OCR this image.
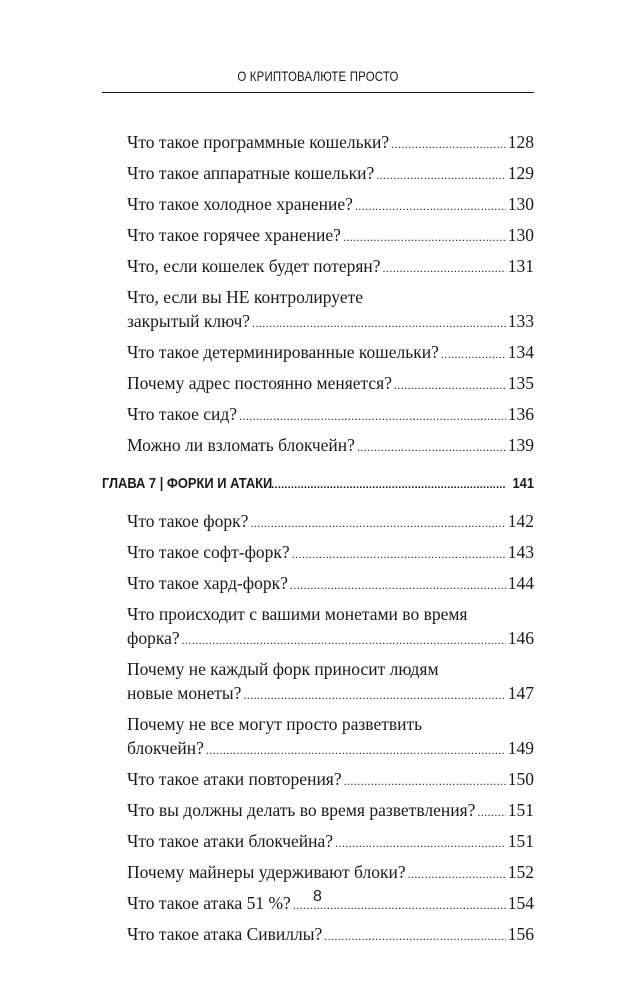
О КРИПТОВАЛЮТЕ ПРОСТО
Что такое программные кошельки? .....	128
Что такое аппаратные кошельки? .....	129
Что такое холодное хранение? .....	130
Что такое горячее хранение? .....	130
Что, если кошелек будет потерян? .....	131
Что, если вы НЕ контролируете
закрытый ключ? .....	133
Что такое детерминированные кошельки? .....	134
Почему адрес постоянно меняется? .....	135
Что такое сид? .....	136
Можно ли взломать блокчейн? .....	139
ГЛАВА 7 | ФОРКИ И АТАКИ .....	141
Что такое форк? .....	142
Что такое софт-форк? .....	143
Что такое хард-форк? .....	144
Что происходит с вашими монетами во время
форка? .....	146
Почему не каждый форк приносит людям
новые монеты? .....	147
Почему не все могут просто разветвить
блокчейн? .....	149
Что такое атаки повторения? .....	150
Что вы должны делать во время разветвления? ..... 151
Что такое атаки блокчейна? .....	151
Почему майнеры удерживают блоки? .....	152
Что такое атака 51 %? .....	154
Что такое атака Сивиллы? .....	156
8
